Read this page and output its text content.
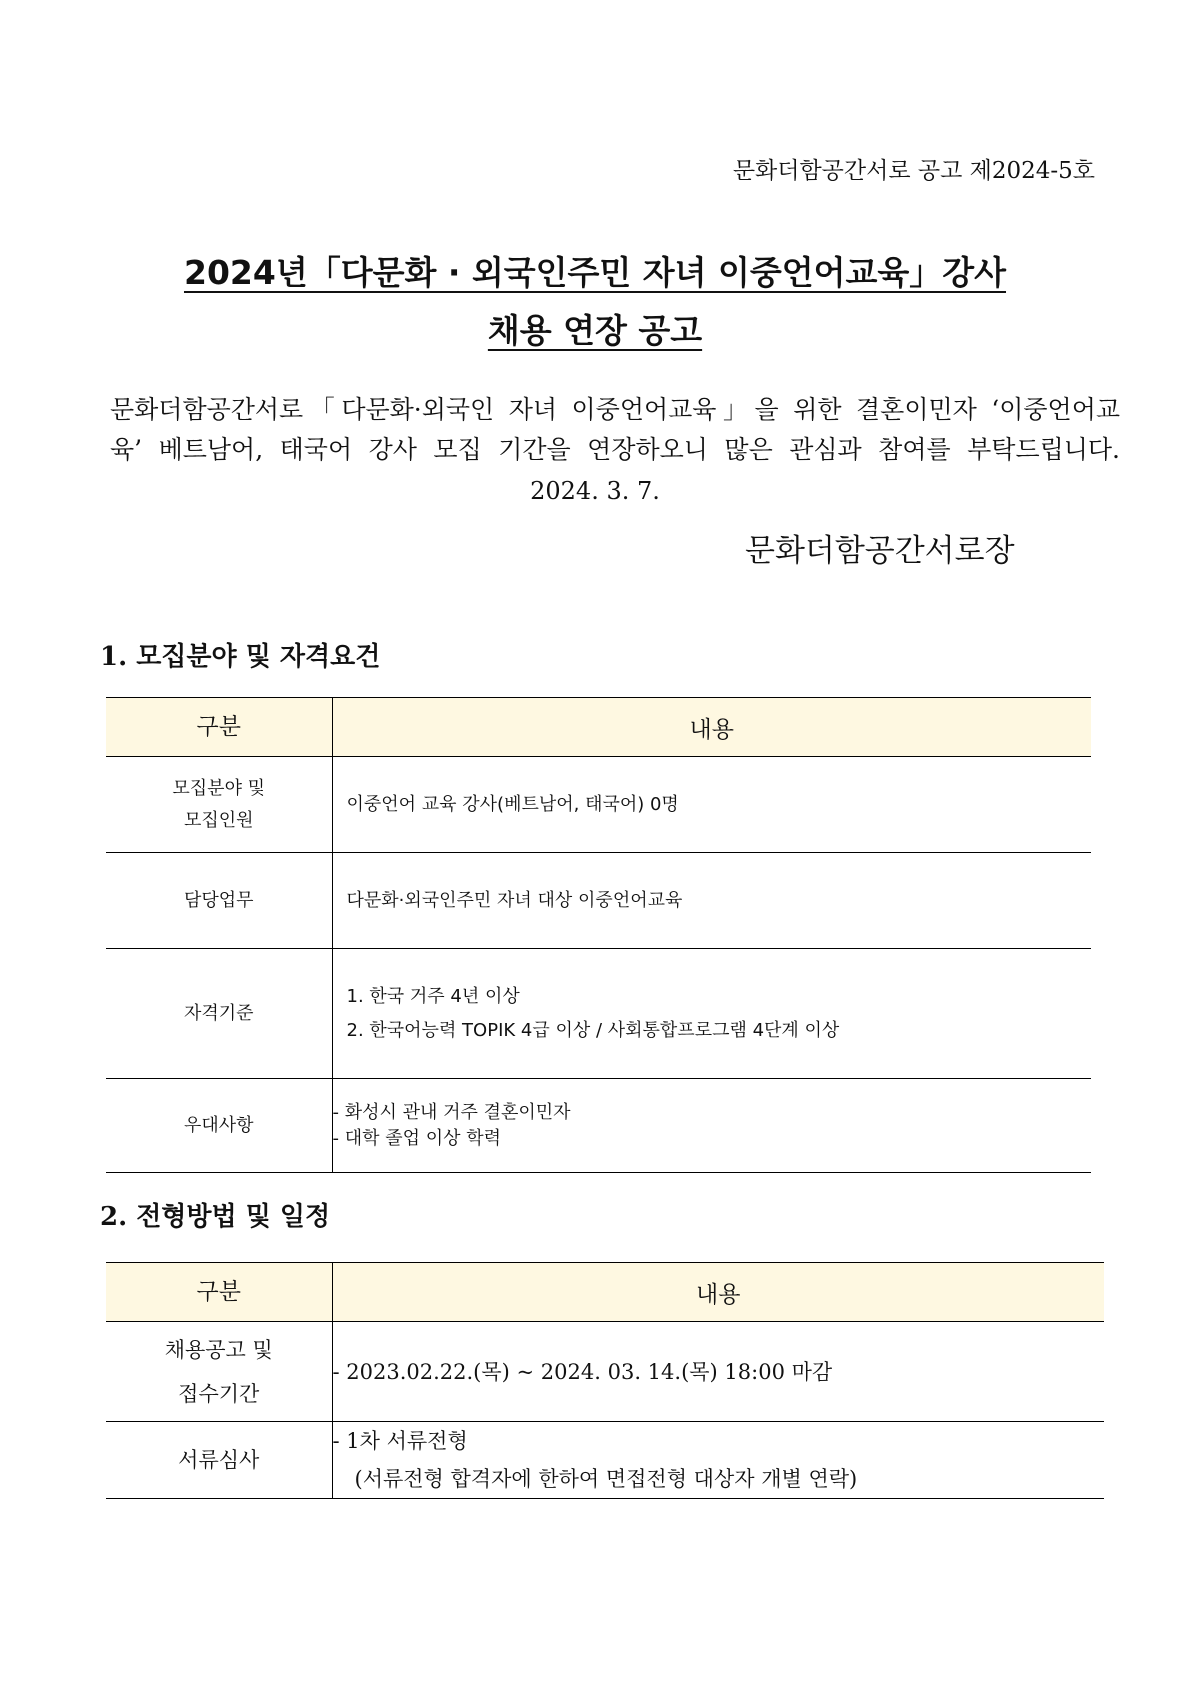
문화더함공간서로 공고 제2024-5호
2024년「다문화 · 외국인주민 자녀 이중언어교육」강사
채용 연장 공고
문화더함공간서로「다문화·외국인 자녀 이중언어교육」을 위한 결혼이민자 ‘이중언어교
육’ 베트남어, 태국어 강사 모집 기간을 연장하오니 많은 관심과 참여를 부탁드립니다.
2024. 3. 7.
문화더함공간서로장
1. 모집분야 및 자격요건
구분	내용

모집분야 및
모집인원	이중언어 교육 강사(베트남어, 태국어) 0명

담당업무	다문화·외국인주민 자녀 대상 이중언어교육

자격기준	1. 한국 거주 4년 이상
2. 한국어능력 TOPIK 4급 이상 / 사회통합프로그램 4단계 이상

우대사항	- 화성시 관내 거주 결혼이민자
- 대학 졸업 이상 학력
2. 전형방법 및 일정
구분	내용

채용공고 및
접수기간	- 2023.02.22.(목) ~ 2024. 03. 14.(목) 18:00 마감

서류심사	- 1차 서류전형
(서류전형 합격자에 한하여 면접전형 대상자 개별 연락)
